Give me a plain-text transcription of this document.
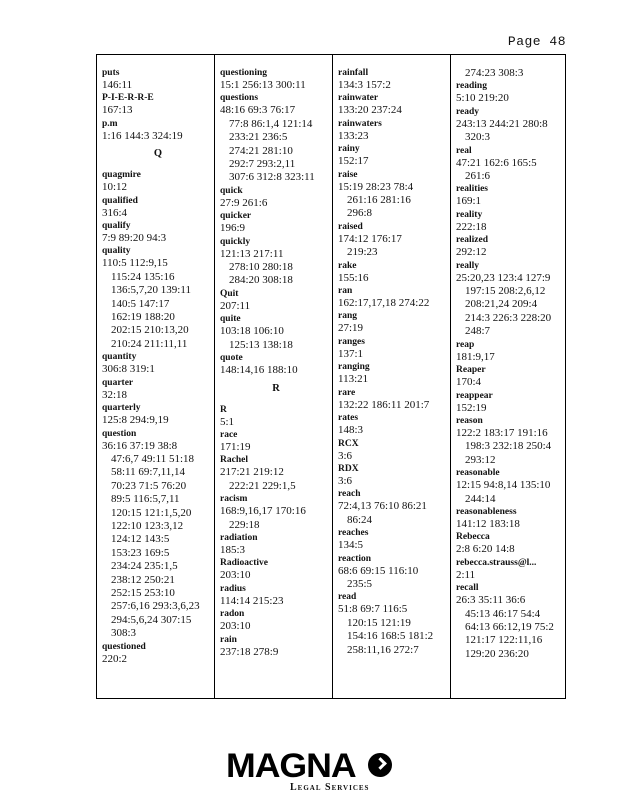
Page 48
puts
146:11
P-I-E-R-R-E
167:13
p.m
1:16 144:3 324:19
Q
quagmire
10:12
qualified
316:4
qualify
7:9 89:20 94:3
quality
110:5 112:9,15
115:24 135:16
136:5,7,20 139:11
140:5 147:17
162:19 188:20
202:15 210:13,20
210:24 211:11,11
quantity
306:8 319:1
quarter
32:18
quarterly
125:8 294:9,19
question
36:16 37:19 38:8
47:6,7 49:11 51:18
58:11 69:7,11,14
70:23 71:5 76:20
89:5 116:5,7,11
120:15 121:1,5,20
122:10 123:3,12
124:12 143:5
153:23 169:5
234:24 235:1,5
238:12 250:21
252:15 253:10
257:6,16 293:3,6,23
294:5,6,24 307:15
308:3
questioned
220:2
questioning
15:1 256:13 300:11
questions
48:16 69:3 76:17
77:8 86:1,4 121:14
233:21 236:5
274:21 281:10
292:7 293:2,11
307:6 312:8 323:11
quick
27:9 261:6
quicker
196:9
quickly
121:13 217:11
278:10 280:18
284:20 308:18
Quit
207:11
quite
103:18 106:10
125:13 138:18
quote
148:14,16 188:10
R
R
5:1
race
171:19
Rachel
217:21 219:12
222:21 229:1,5
racism
168:9,16,17 170:16
229:18
radiation
185:3
Radioactive
203:10
radius
114:14 215:23
radon
203:10
rain
237:18 278:9
rainfall
134:3 157:2
rainwater
133:20 237:24
rainwaters
133:23
rainy
152:17
raise
15:19 28:23 78:4
261:16 281:16
296:8
raised
174:12 176:17
219:23
rake
155:16
ran
162:17,17,18 274:22
rang
27:19
ranges
137:1
ranging
113:21
rare
132:22 186:11 201:7
rates
148:3
RCX
3:6
RDX
3:6
reach
72:4,13 76:10 86:21
86:24
reaches
134:5
reaction
68:6 69:15 116:10
235:5
read
51:8 69:7 116:5
120:15 121:19
154:16 168:5 181:2
258:11,16 272:7
274:23 308:3
reading
5:10 219:20
ready
243:13 244:21 280:8
320:3
real
47:21 162:6 165:5
261:6
realities
169:1
reality
222:18
realized
292:12
really
25:20,23 123:4 127:9
197:15 208:2,6,12
208:21,24 209:4
214:3 226:3 228:20
248:7
reap
181:9,17
Reaper
170:4
reappear
152:19
reason
122:2 183:17 191:16
198:3 232:18 250:4
293:12
reasonable
12:15 94:8,14 135:10
244:14
reasonableness
141:12 183:18
Rebecca
2:8 6:20 14:8
rebecca.strauss@l...
2:11
recall
26:3 35:11 36:6
45:13 46:17 54:4
64:13 66:12,19 75:2
121:17 122:11,16
129:20 236:20
MAGNA
Legal Services
